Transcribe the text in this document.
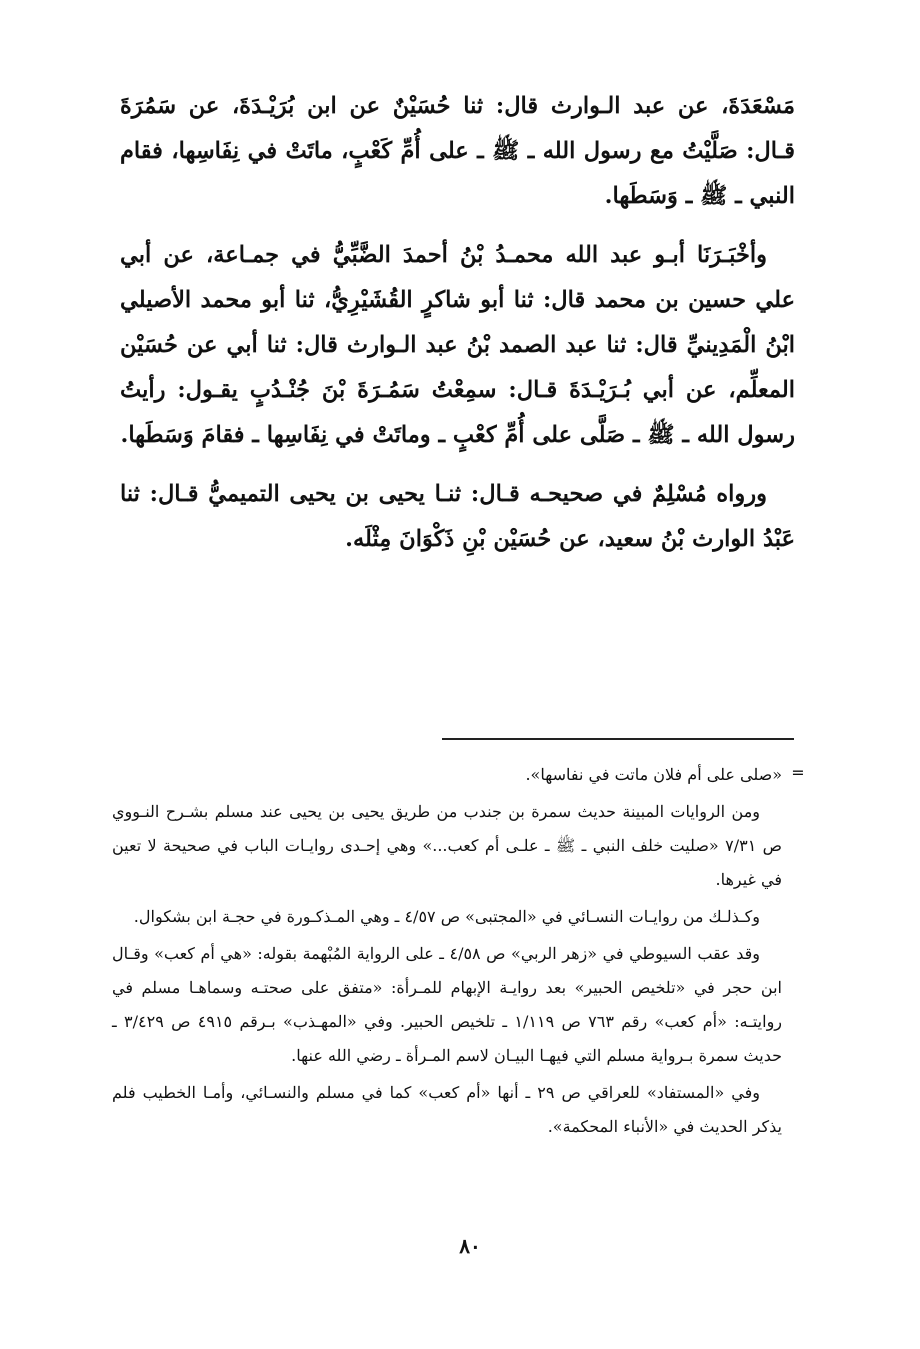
مَسْعَدَةَ، عن عبد الـوارث قال: ثنا حُسَيْنٌ عن ابن بُرَيْـدَةَ، عن سَمُرَةَ قـال: صَلَّيْتُ مع رسول الله ـ ﷺ ـ على أُمِّ كَعْبٍ، ماتَتْ في نِفَاسِها، فقام النبي ـ ﷺ ـ وَسَطَها.

وأخْبَـرَنَا أبـو عبد الله محمـدُ بْنُ أحمدَ الضَّبِّيُّ في جمـاعة، عن أبي علي حسين بن محمد قال: ثنا أبو شاكرٍ القُشَيْرِيُّ، ثنا أبو محمد الأصيلي ابْنُ الْمَدِينيِّ قال: ثنا عبد الصمد بْنُ عبد الـوارث قال: ثنا أبي عن حُسَيْن المعلِّم، عن أبي بُـرَيْـدَةَ قـال: سمِعْتُ سَمُـرَةَ بْنَ جُنْـدُبٍ يقـول: رأيتُ رسول الله ـ ﷺ ـ صَلَّى على أُمِّ كعْبٍ ـ وماتَتْ في نِفَاسِها ـ فقامَ وَسَطَها.

ورواه مُسْلِمٌ في صحيحـه قـال: ثنـا يحيى بن يحيى التميميُّ قـال: ثنا عَبْدُ الوارث بْنُ سعيد، عن حُسَيْن بْنِ ذَكْوَانَ مِثْلَه.

=

«صلى على أم فلان ماتت في نفاسها».

ومن الروايات المبينة حديث سمرة بن جندب من طريق يحيى بن يحيى عند مسلم بشـرح النـووي ص ٧/٣١ «صليت خلف النبي ـ ﷺ ـ علـى أم كعب...» وهي إحـدى روايـات الباب في صحيحة لا تعين في غيرها.

وكـذلـك من روايـات النسـائي في «المجتبى» ص ٤/٥٧ ـ وهي المـذكـورة في حجـة ابن بشكوال.

وقد عقب السيوطي في «زهر الربي» ص ٤/٥٨ ـ على الرواية المُبْهمة بقوله: «هي أم كعب» وقـال ابن حجر في «تلخيص الحبير» بعد روايـة الإبهام للمـرأة: «متفق على صحتـه وسماهـا مسلم في روايتـه: «أم كعب» رقم ٧٦٣ ص ١/١١٩ ـ تلخيص الحبير. وفي «المهـذب» بـرقم ٤٩١٥ ص ٣/٤٢٩ ـ حديث سمرة بـرواية مسلم التي فيهـا البيـان لاسم المـرأة ـ رضي الله عنها.

وفي «المستفاد» للعراقي ص ٢٩ ـ أنها «أم كعب» كما في مسلم والنسـائي، وأمـا الخطيب فلم يذكر الحديث في «الأنباء المحكمة».

٨٠
